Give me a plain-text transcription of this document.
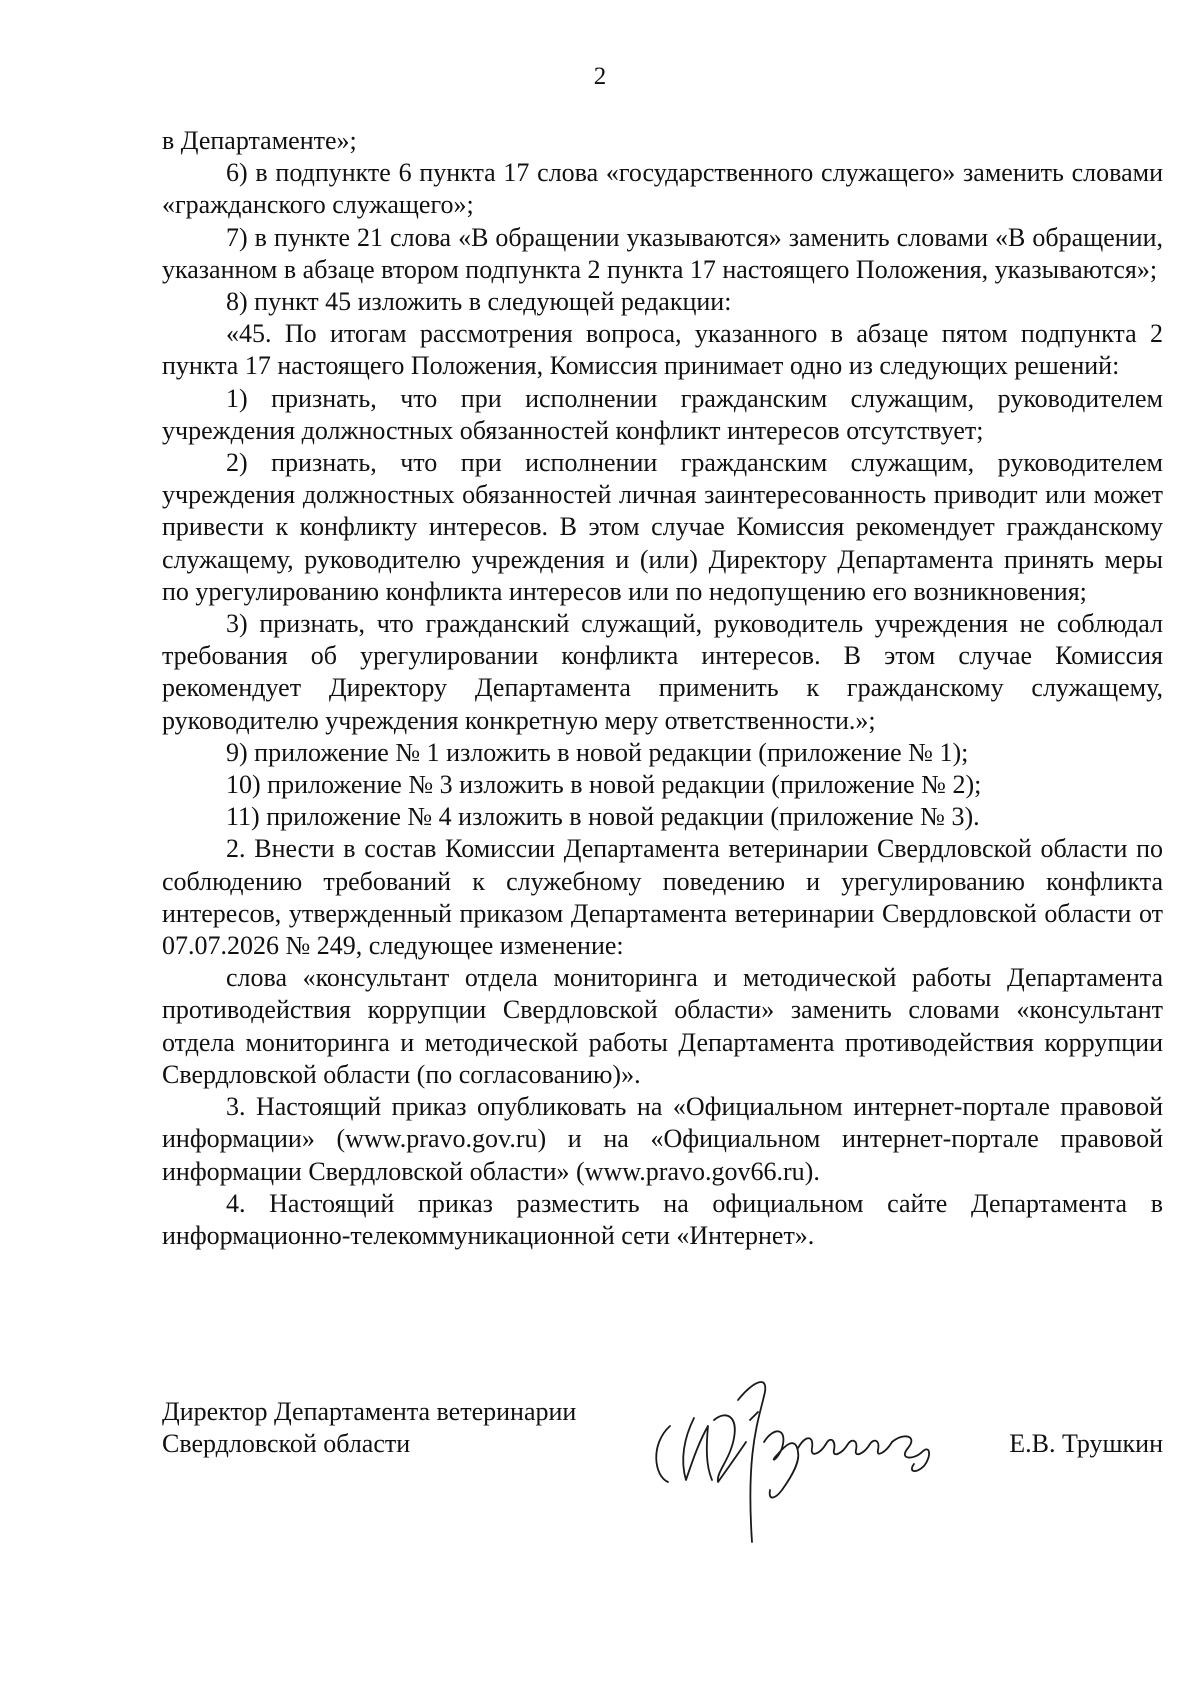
2

в Департаменте»;

6) в подпункте 6 пункта 17 слова «государственного служащего» заменить словами «гражданского служащего»;

7) в пункте 21 слова «В обращении указываются» заменить словами «В обращении, указанном в абзаце втором подпункта 2 пункта 17 настоящего Положения, указываются»;

8) пункт 45 изложить в следующей редакции:

«45. По итогам рассмотрения вопроса, указанного в абзаце пятом подпункта 2 пункта 17 настоящего Положения, Комиссия принимает одно из следующих решений:

1) признать, что при исполнении гражданским служащим, руководителем учреждения должностных обязанностей конфликт интересов отсутствует;

2) признать, что при исполнении гражданским служащим, руководителем учреждения должностных обязанностей личная заинтересованность приводит или может привести к конфликту интересов. В этом случае Комиссия рекомендует гражданскому служащему, руководителю учреждения и (или) Директору Департамента принять меры по урегулированию конфликта интересов или по недопущению его возникновения;

3) признать, что гражданский служащий, руководитель учреждения не соблюдал требования об урегулировании конфликта интересов. В этом случае Комиссия рекомендует Директору Департамента применить к гражданскому служащему, руководителю учреждения конкретную меру ответственности.»;

9) приложение № 1 изложить в новой редакции (приложение № 1);

10) приложение № 3 изложить в новой редакции (приложение № 2);

11) приложение № 4 изложить в новой редакции (приложение № 3).

2. Внести в состав Комиссии Департамента ветеринарии Свердловской области по соблюдению требований к служебному поведению и урегулированию конфликта интересов, утвержденный приказом Департамента ветеринарии Свердловской области от 07.07.2026 № 249, следующее изменение:

слова «консультант отдела мониторинга и методической работы Департамента противодействия коррупции Свердловской области» заменить словами «консультант отдела мониторинга и методической работы Департамента противодействия коррупции Свердловской области (по согласованию)».

3. Настоящий приказ опубликовать на «Официальном интернет-портале правовой информации» (www.pravo.gov.ru) и на «Официальном интернет-портале правовой информации Свердловской области» (www.pravo.gov66.ru).

4. Настоящий приказ разместить на официальном сайте Департамента в информационно-телекоммуникационной сети «Интернет».

Директор Департамента ветеринарии
Свердловской области	Е.В. Трушкин
